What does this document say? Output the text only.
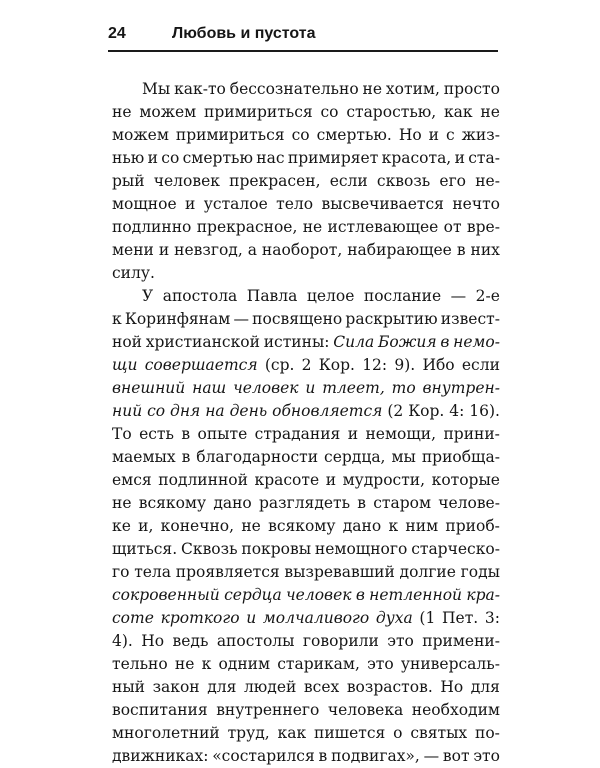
24	Любовь и пустота
Мы как-то бессознательно не хотим, просто
не можем примириться со старостью, как не
можем примириться со смертью. Но и с жиз-
нью и со смертью нас примиряет красота, и ста-
рый человек прекрасен, если сквозь его не-
мощное и усталое тело высвечивается нечто
подлинно прекрасное, не истлевающее от вре-
мени и невзгод, а наоборот, набирающее в них
силу.
У апостола Павла целое послание — 2-е
к Коринфянам — посвящено раскрытию извест-
ной христианской истины: Сила Божия в немо-
щи совершается (ср. 2 Кор. 12: 9). Ибо если
внешний наш человек и тлеет, то внутрен-
ний со дня на день обновляется (2 Кор. 4: 16).
То есть в опыте страдания и немощи, прини-
маемых в благодарности сердца, мы приобща-
емся подлинной красоте и мудрости, которые
не всякому дано разглядеть в старом челове-
ке и, конечно, не всякому дано к ним приоб-
щиться. Сквозь покровы немощного старческо-
го тела проявляется вызревавший долгие годы
сокровенный сердца человек в нетленной кра-
соте кроткого и молчаливого духа (1 Пет. 3:
4). Но ведь апостолы говорили это примени-
тельно не к одним старикам, это универсаль-
ный закон для людей всех возрастов. Но для
воспитания внутреннего человека необходим
многолетний труд, как пишется о святых по-
движниках: «состарился в подвигах», — вот это
